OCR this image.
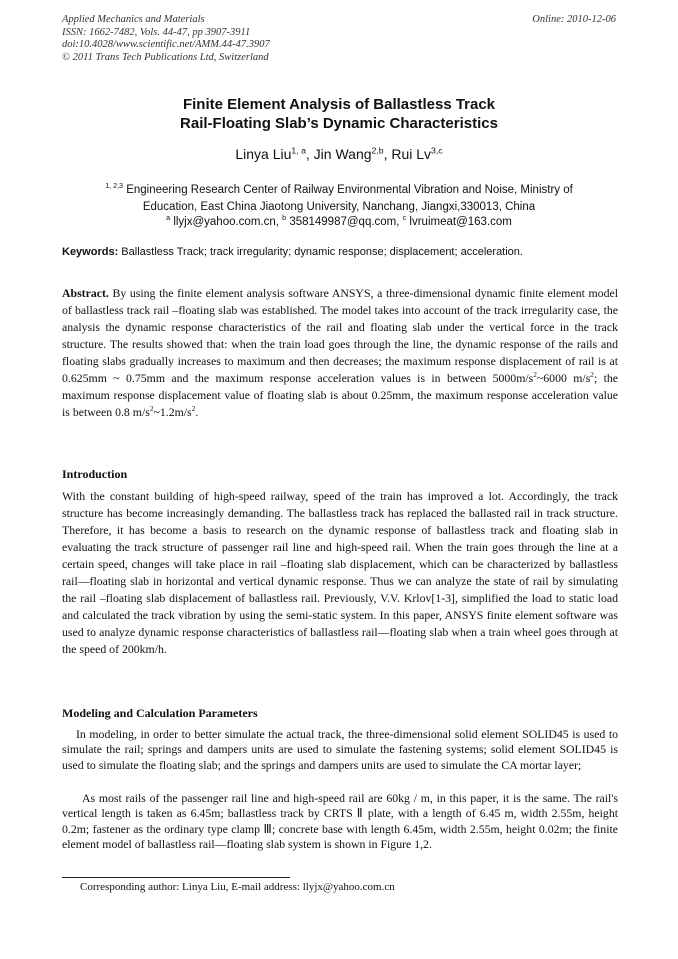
Applied Mechanics and Materials
ISSN: 1662-7482, Vols. 44-47, pp 3907-3911
doi:10.4028/www.scientific.net/AMM.44-47.3907
© 2011 Trans Tech Publications Ltd, Switzerland
Online: 2010-12-06
Finite Element Analysis of Ballastless Track
Rail-Floating Slab’s Dynamic Characteristics
Linya Liu$^{1, a}$, Jin Wang$^{2,b}$, Rui Lv$^{3,c}$
$^{1, 2,3}$ Engineering Research Center of Railway Environmental Vibration and Noise, Ministry of
Education, East China Jiaotong University, Nanchang, Jiangxi,330013, China
$^a$ llyjx@yahoo.com.cn, $^b$ 358149987@qq.com, $^c$ lvruimeat@163.com
Keywords: Ballastless Track; track irregularity; dynamic response; displacement; acceleration.
Abstract. By using the finite element analysis software ANSYS, a three-dimensional dynamic finite element model of ballastless track rail –floating slab was established. The model takes into account of the track irregularity case, the analysis the dynamic response characteristics of the rail and floating slab under the vertical force in the track structure. The results showed that: when the train load goes through the line, the dynamic response of the rails and floating slabs gradually increases to maximum and then decreases; the maximum response displacement of rail is at 0.625mm ~ 0.75mm and the maximum response acceleration values is in between $5000m/s^2\sim 6000$ $m/s^2$; the maximum response displacement value of floating slab is about 0.25mm, the maximum response acceleration value is between 0.8 $m/s^2\sim 1.2m/s^2$.
Introduction
With the constant building of high-speed railway, speed of the train has improved a lot. Accordingly, the track structure has become increasingly demanding. The ballastless track has replaced the ballasted rail in track structure. Therefore, it has become a basis to research on the dynamic response of ballastless track and floating slab in evaluating the track structure of passenger rail line and high-speed rail. When the train goes through the line at a certain speed, changes will take place in rail –floating slab displacement, which can be characterized by ballastless rail—floating slab in horizontal and vertical dynamic response. Thus we can analyze the state of rail by simulating the rail –floating slab displacement of ballastless rail. Previously, V.V. Krlov[1-3], simplified the load to static load and calculated the track vibration by using the semi-static system. In this paper, ANSYS finite element software was used to analyze dynamic response characteristics of ballastless rail—floating slab when a train wheel goes through at the speed of 200km/h.
Modeling and Calculation Parameters
In modeling, in order to better simulate the actual track, the three-dimensional solid element SOLID45 is used to simulate the rail; springs and dampers units are used to simulate the fastening systems; solid element SOLID45 is used to simulate the floating slab; and the springs and dampers units are used to simulate the CA mortar layer;
As most rails of the passenger rail line and high-speed rail are 60kg / m, in this paper, it is the same. The rail's vertical length is taken as 6.45m; ballastless track by CRTS Ⅱ plate, with a length of 6.45 m, width 2.55m, height 0.2m; fastener as the ordinary type clamp Ⅲ; concrete base with length 6.45m, width 2.55m, height 0.02m; the finite element model of ballastless rail—floating slab system is shown in Figure 1,2.
Corresponding author: Linya Liu, E-mail address: llyjx@yahoo.com.cn
